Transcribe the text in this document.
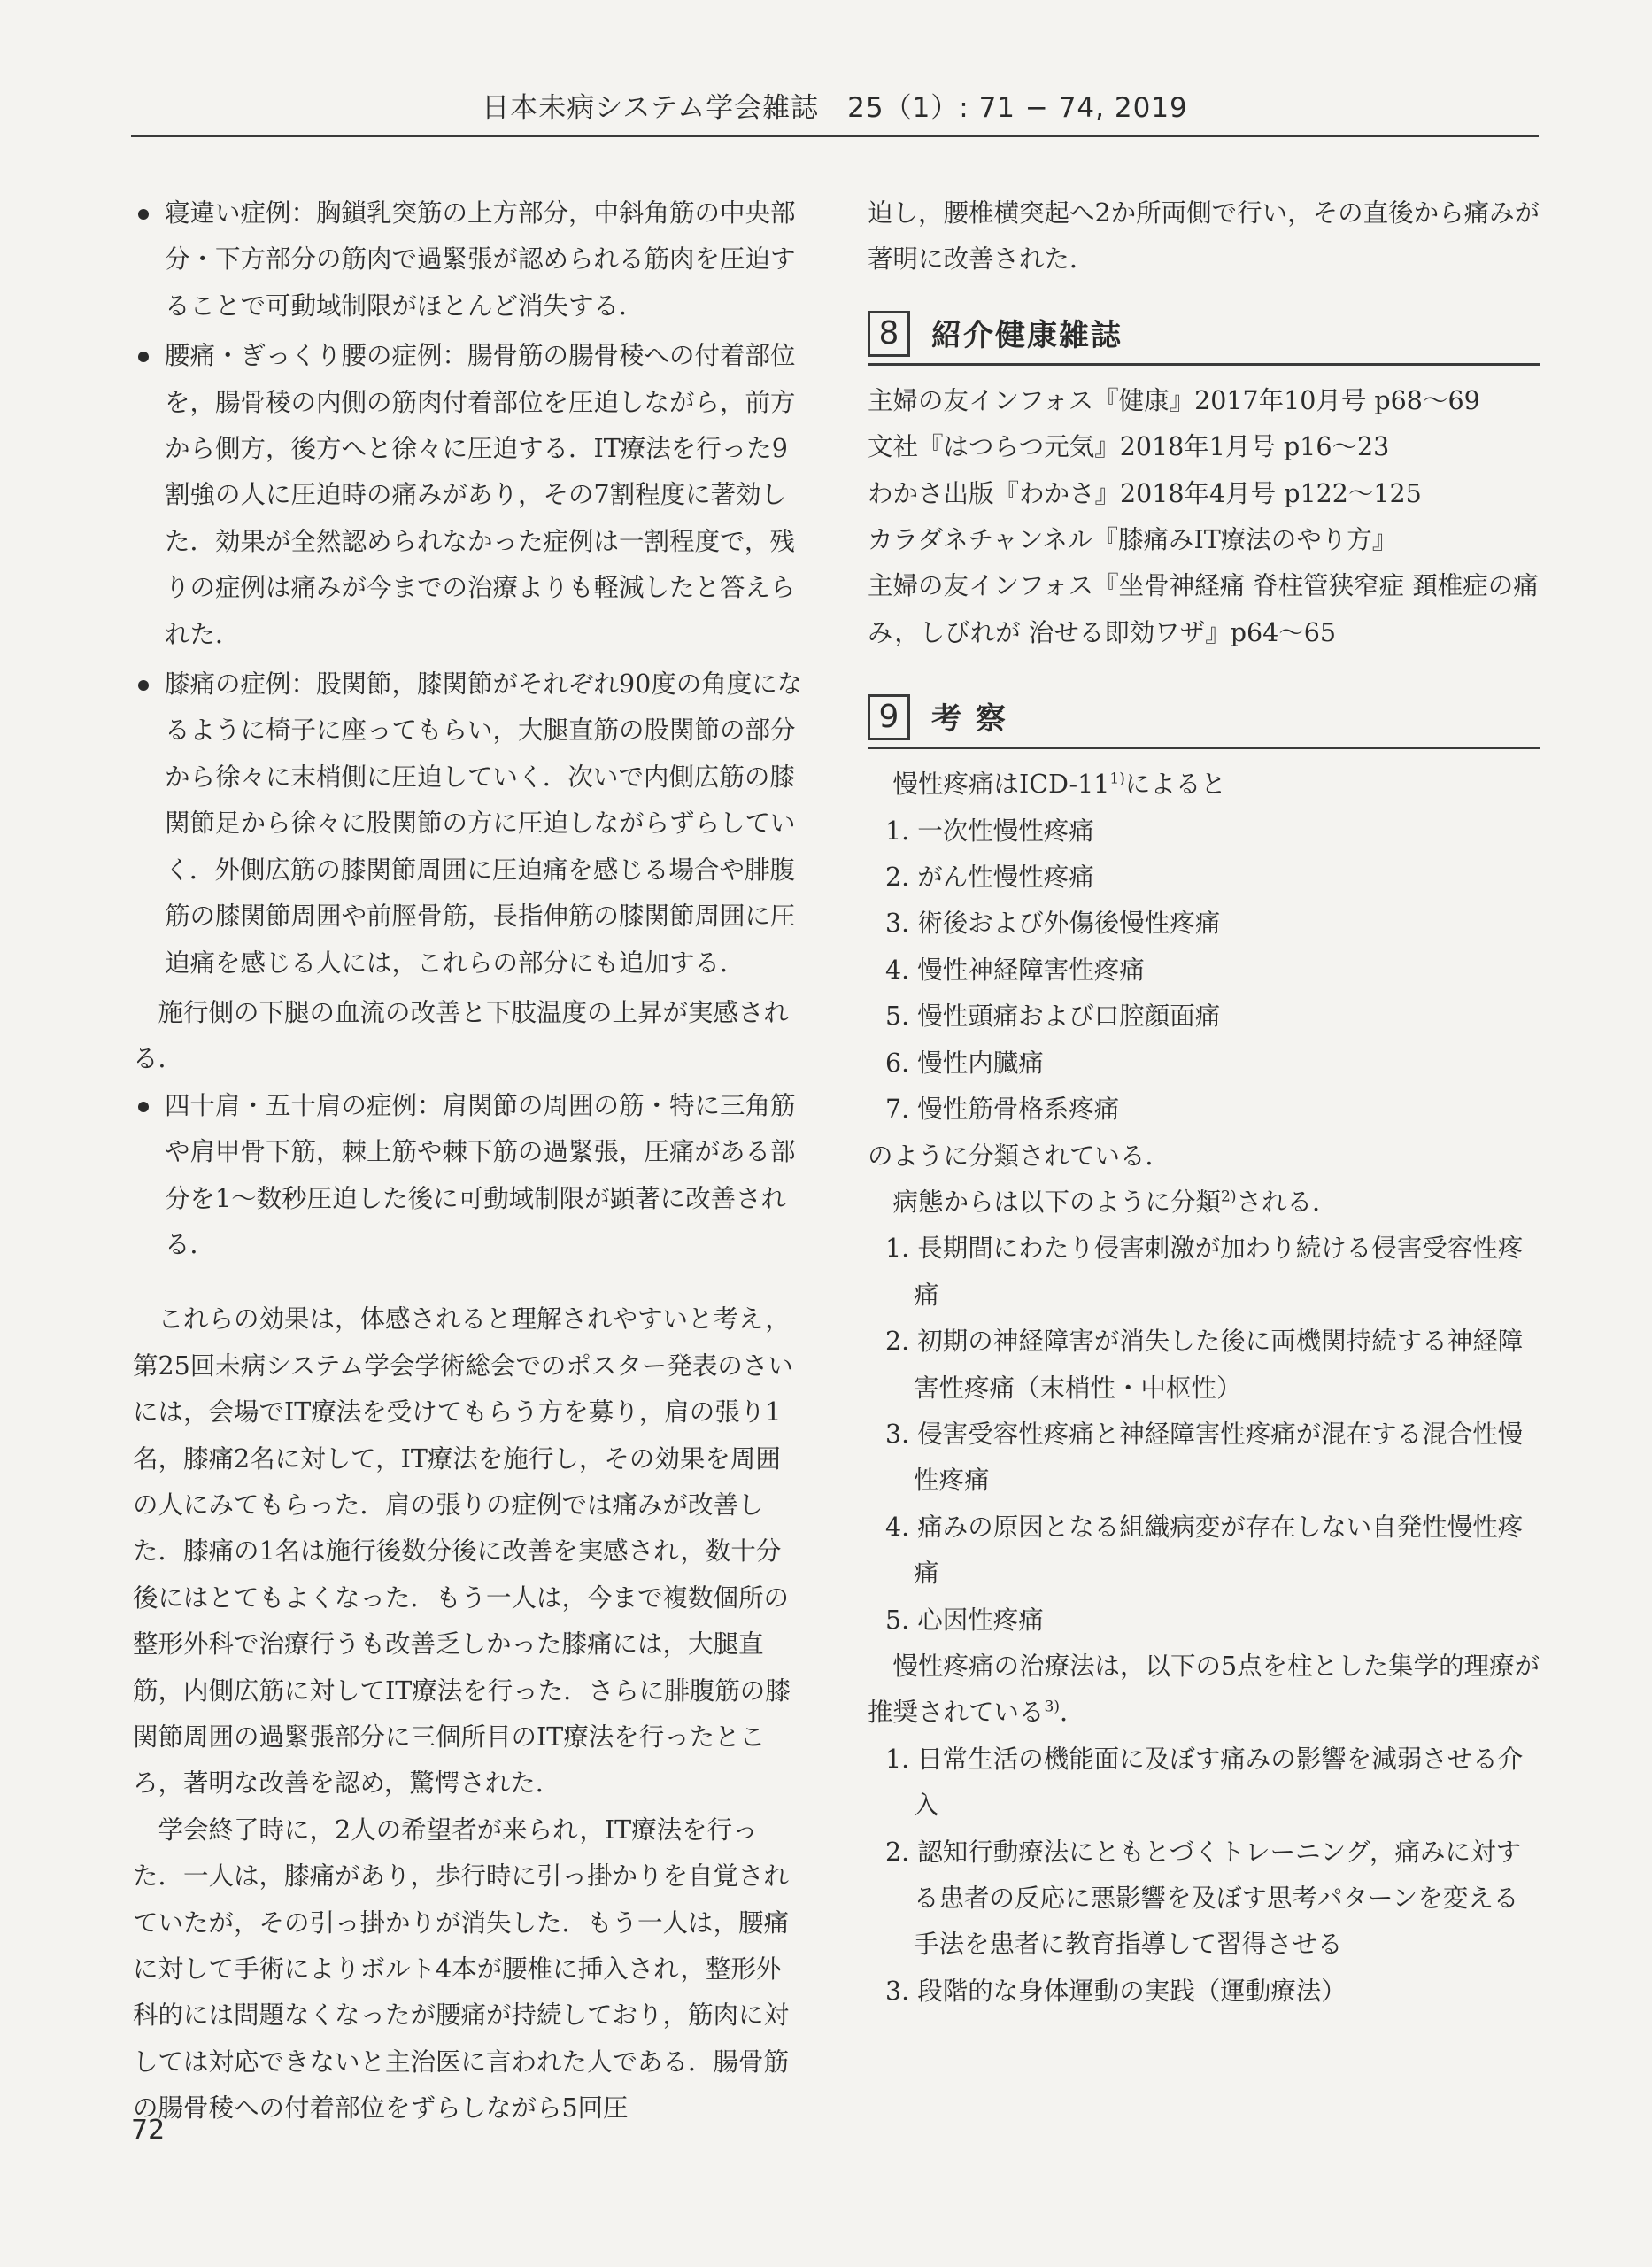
日本未病システム学会雑誌　25（1）: 71 − 74, 2019

寝違い症例：胸鎖乳突筋の上方部分，中斜角筋の中央部分・下方部分の筋肉で過緊張が認められる筋肉を圧迫することで可動域制限がほとんど消失する．

腰痛・ぎっくり腰の症例：腸骨筋の腸骨稜への付着部位を，腸骨稜の内側の筋肉付着部位を圧迫しながら，前方から側方，後方へと徐々に圧迫する．IT療法を行った9割強の人に圧迫時の痛みがあり，その7割程度に著効した．効果が全然認められなかった症例は一割程度で，残りの症例は痛みが今までの治療よりも軽減したと答えられた．

膝痛の症例：股関節，膝関節がそれぞれ90度の角度になるように椅子に座ってもらい，大腿直筋の股関節の部分から徐々に末梢側に圧迫していく．次いで内側広筋の膝関節足から徐々に股関節の方に圧迫しながらずらしていく．外側広筋の膝関節周囲に圧迫痛を感じる場合や腓腹筋の膝関節周囲や前脛骨筋，長指伸筋の膝関節周囲に圧迫痛を感じる人には，これらの部分にも追加する．

施行側の下腿の血流の改善と下肢温度の上昇が実感される．

四十肩・五十肩の症例：肩関節の周囲の筋・特に三角筋や肩甲骨下筋，棘上筋や棘下筋の過緊張，圧痛がある部分を1～数秒圧迫した後に可動域制限が顕著に改善される．

これらの効果は，体感されると理解されやすいと考え，第25回未病システム学会学術総会でのポスター発表のさいには，会場でIT療法を受けてもらう方を募り，肩の張り1名，膝痛2名に対して，IT療法を施行し，その効果を周囲の人にみてもらった．肩の張りの症例では痛みが改善した．膝痛の1名は施行後数分後に改善を実感され，数十分後にはとてもよくなった．もう一人は，今まで複数個所の整形外科で治療行うも改善乏しかった膝痛には，大腿直筋，内側広筋に対してIT療法を行った．さらに腓腹筋の膝関節周囲の過緊張部分に三個所目のIT療法を行ったところ，著明な改善を認め，驚愕された．

学会終了時に，2人の希望者が来られ，IT療法を行った．一人は，膝痛があり，歩行時に引っ掛かりを自覚されていたが，その引っ掛かりが消失した．もう一人は，腰痛に対して手術によりボルト4本が腰椎に挿入され，整形外科的には問題なくなったが腰痛が持続しており，筋肉に対しては対応できないと主治医に言われた人である．腸骨筋の腸骨稜への付着部位をずらしながら5回圧

迫し，腰椎横突起へ2か所両側で行い，その直後から痛みが著明に改善された．

8	紹介健康雑誌

主婦の友インフォス『健康』2017年10月号 p68～69

文社『はつらつ元気』2018年1月号 p16～23

わかさ出版『わかさ』2018年4月号 p122～125

カラダネチャンネル『膝痛みIT療法のやり方』

主婦の友インフォス『坐骨神経痛 脊柱管狭窄症 頚椎症の痛み，しびれが 治せる即効ワザ』p64～65

9	考 察

慢性疼痛はICD-11$^{1)}$によると

1. 一次性慢性疼痛

2. がん性慢性疼痛

3. 術後および外傷後慢性疼痛

4. 慢性神経障害性疼痛

5. 慢性頭痛および口腔顔面痛

6. 慢性内臓痛

7. 慢性筋骨格系疼痛

のように分類されている．

病態からは以下のように分類$^{2)}$される．

1. 長期間にわたり侵害刺激が加わり続ける侵害受容性疼痛

2. 初期の神経障害が消失した後に両機関持続する神経障害性疼痛（末梢性・中枢性）

3. 侵害受容性疼痛と神経障害性疼痛が混在する混合性慢性疼痛

4. 痛みの原因となる組織病変が存在しない自発性慢性疼痛

5. 心因性疼痛

慢性疼痛の治療法は，以下の5点を柱とした集学的理療が推奨されている$^{3)}$．

1. 日常生活の機能面に及ぼす痛みの影響を減弱させる介入

2. 認知行動療法にともとづくトレーニング，痛みに対する患者の反応に悪影響を及ぼす思考パターンを変える手法を患者に教育指導して習得させる

3. 段階的な身体運動の実践（運動療法）

72
